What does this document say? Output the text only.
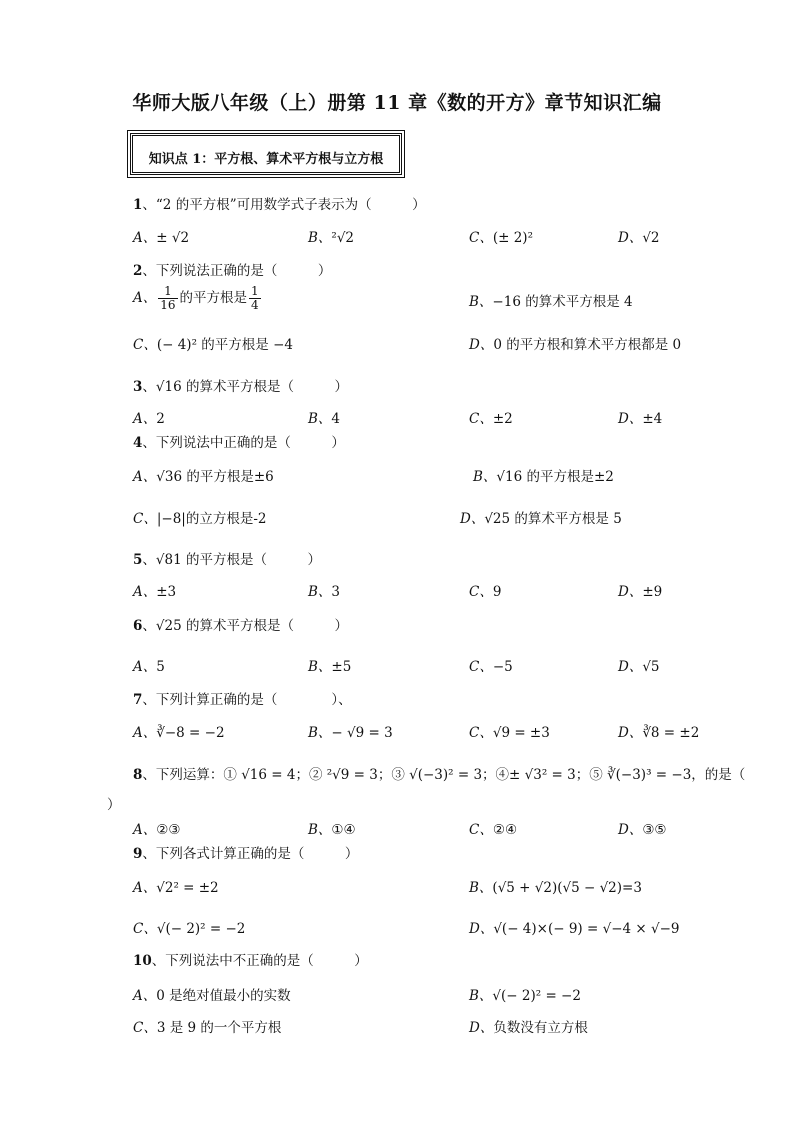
华师大版八年级（上）册第 11 章《数的开方》章节知识汇编
知识点 1：平方根、算术平方根与立方根
1、“2 的平方根”可用数学式子表示为（　　　）
A、± √2	B、²√2	C、(± 2)²	D、√2
2、下列说法正确的是（　　　）
A、 $\frac{1}{16}$ 的平方根是 $\frac{1}{4}$	B、−16 的算术平方根是 4
C、(− 4)² 的平方根是 −4	D、0 的平方根和算术平方根都是 0
3、√16 的算术平方根是（　　　）
A、2	B、4	C、±2	D、±4
4、下列说法中正确的是（　　　）
A、√36 的平方根是±6	B、√16 的平方根是±2
C、|−8|的立方根是-2	D、√25 的算术平方根是 5
5、√81 的平方根是（　　　）
A、±3	B、3	C、9	D、±9
6、√25 的算术平方根是（　　　）
A、5	B、±5	C、−5	D、√5
7、下列计算正确的是（　　　　）、
A、∛−8 = −2	B、− √9 = 3	C、√9 = ±3	D、∛8 = ±2
8、下列运算：① √16 = 4；② ²√9 = 3；③ √(−3)² = 3；④± √3² = 3；⑤ ∛(−3)³ = −3，的是（
）
A、②③	B、①④	C、②④	D、③⑤
9、下列各式计算正确的是（　　　）
A、√2² = ±2	B、(√5 + √2)(√5 − √2)=3
C、√(− 2)² = −2	D、√(− 4)×(− 9) = √−4 × √−9
10、下列说法中不正确的是（　　　）
A、0 是绝对值最小的实数	B、√(− 2)² = −2
C、3 是 9 的一个平方根	D、负数没有立方根
